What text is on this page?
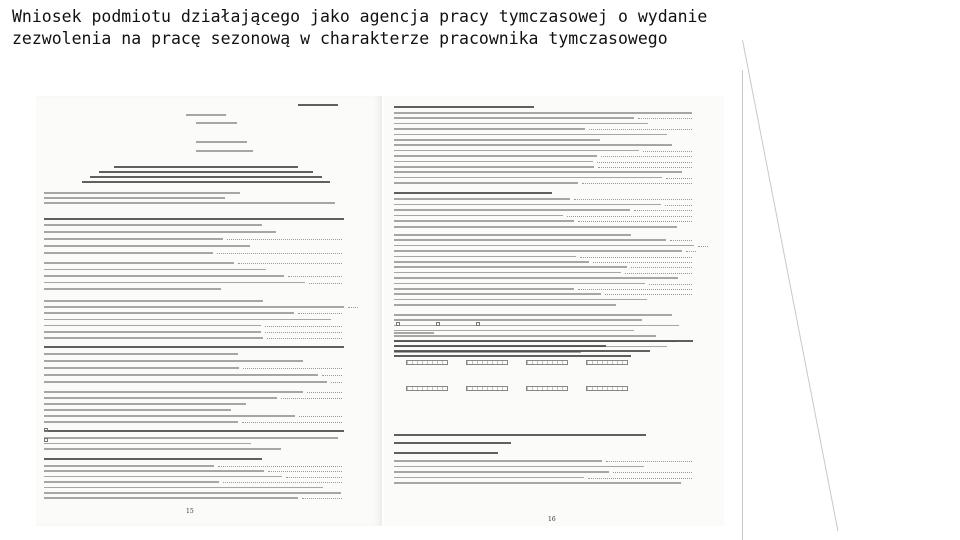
Wniosek podmiotu działającego jako agencja pracy tymczasowej o wydanie
zezwolenia na pracę sezonową w charakterze pracownika tymczasowego
15
16
